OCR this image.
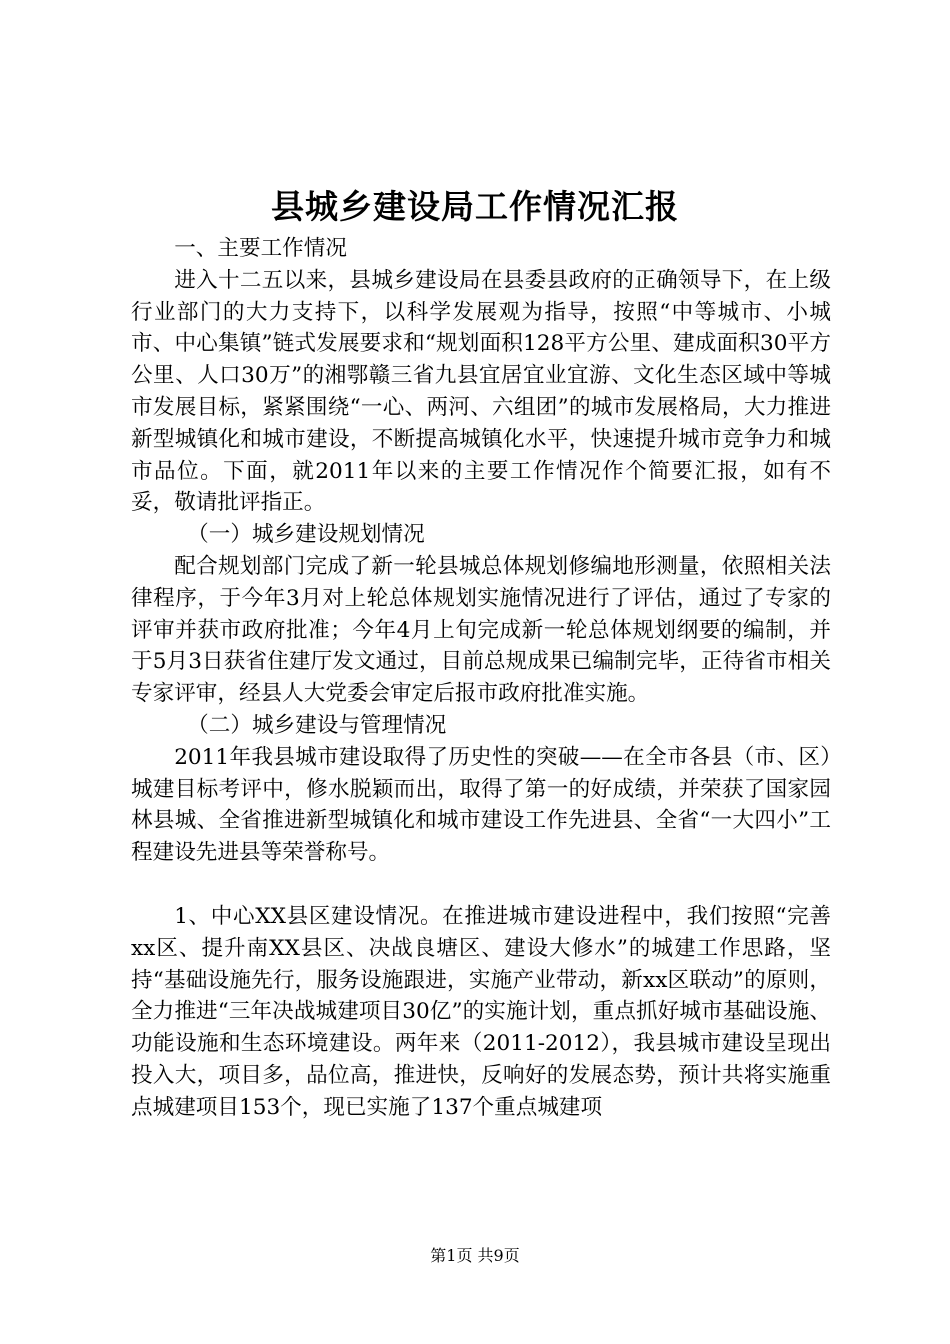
县城乡建设局工作情况汇报

一、主要工作情况

进入十二五以来，县城乡建设局在县委县政府的正确领导下，在上级行业部门的大力支持下，以科学发展观为指导，按照“中等城市、小城市、中心集镇”链式发展要求和“规划面积128平方公里、建成面积30平方公里、人口30万”的湘鄂赣三省九县宜居宜业宜游、文化生态区域中等城市发展目标，紧紧围绕“一心、两河、六组团”的城市发展格局，大力推进新型城镇化和城市建设，不断提高城镇化水平，快速提升城市竞争力和城市品位。下面，就2011年以来的主要工作情况作个简要汇报，如有不妥，敬请批评指正。

（一）城乡建设规划情况

配合规划部门完成了新一轮县城总体规划修编地形测量，依照相关法律程序，于今年3月对上轮总体规划实施情况进行了评估，通过了专家的评审并获市政府批准；今年4月上旬完成新一轮总体规划纲要的编制，并于5月3日获省住建厅发文通过，目前总规成果已编制完毕，正待省市相关专家评审，经县人大党委会审定后报市政府批准实施。

（二）城乡建设与管理情况

2011年我县城市建设取得了历史性的突破——在全市各县（市、区）城建目标考评中，修水脱颖而出，取得了第一的好成绩，并荣获了国家园林县城、全省推进新型城镇化和城市建设工作先进县、全省“一大四小”工程建设先进县等荣誉称号。

1、中心XX县区建设情况。在推进城市建设进程中，我们按照“完善xx区、提升南XX县区、决战良塘区、建设大修水”的城建工作思路，坚持“基础设施先行，服务设施跟进，实施产业带动，新xx区联动”的原则，全力推进“三年决战城建项目30亿”的实施计划，重点抓好城市基础设施、功能设施和生态环境建设。两年来（2011-2012），我县城市建设呈现出投入大，项目多，品位高，推进快，反响好的发展态势，预计共将实施重点城建项目153个，现已实施了137个重点城建项

第1页 共9页
